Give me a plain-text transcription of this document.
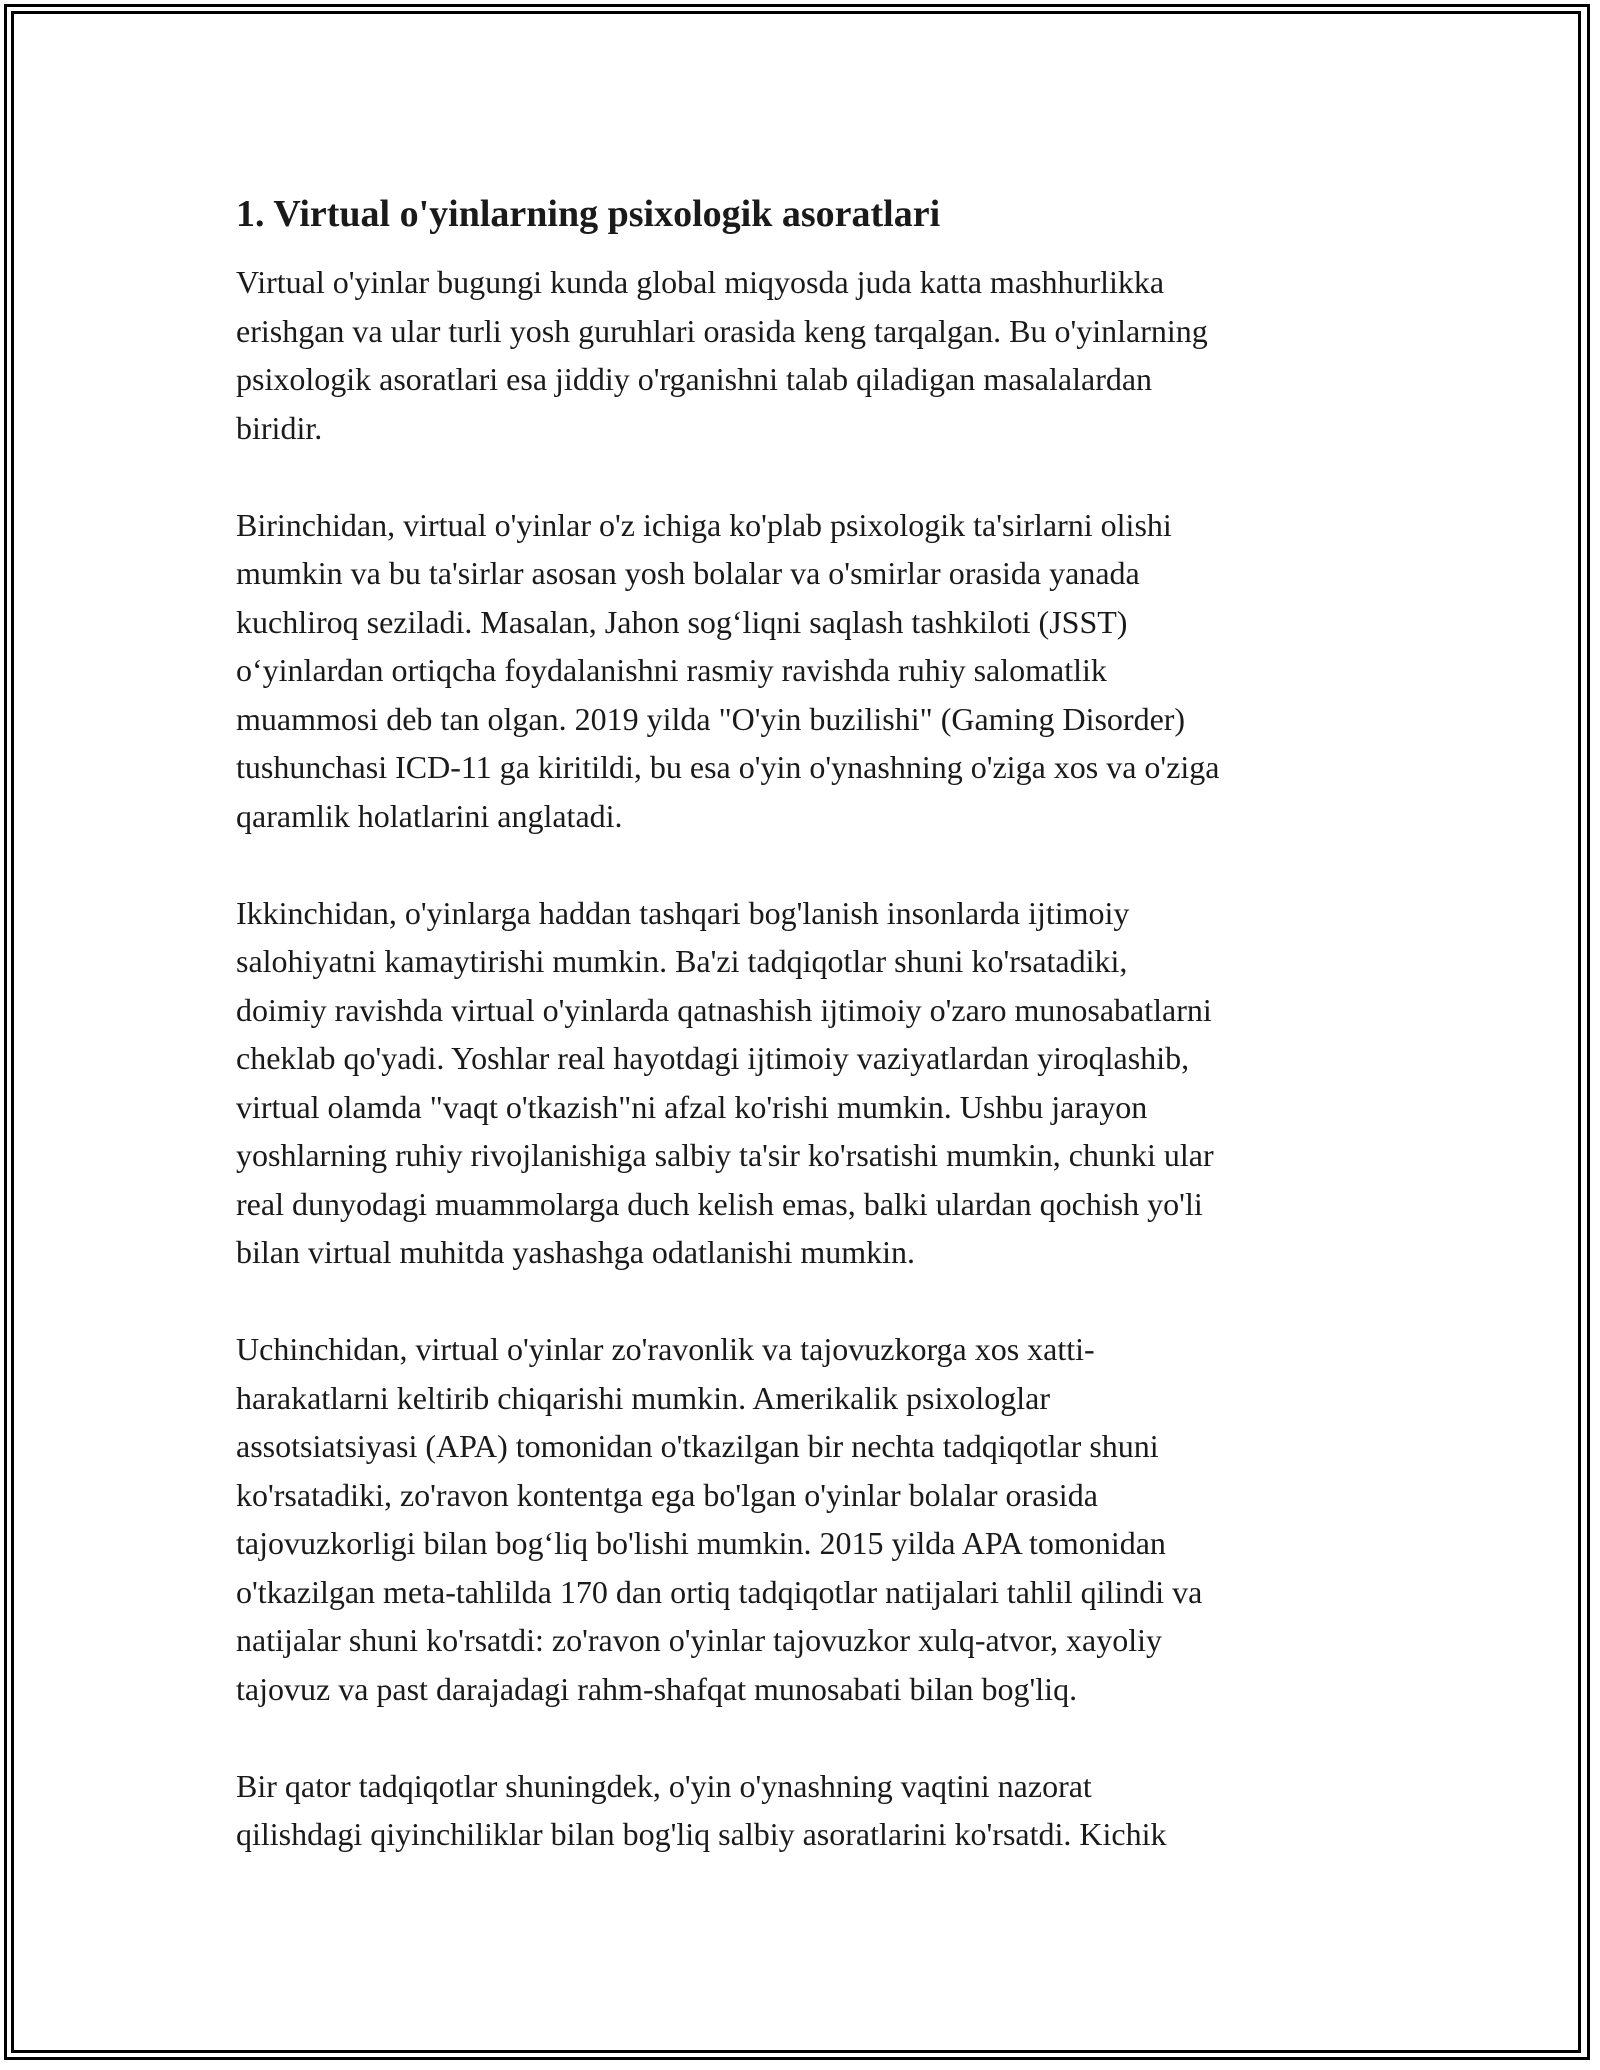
1. Virtual o'yinlarning psixologik asoratlari
Virtual o'yinlar bugungi kunda global miqyosda juda katta mashhurlikka
erishgan va ular turli yosh guruhlari orasida keng tarqalgan. Bu o'yinlarning
psixologik asoratlari esa jiddiy o'rganishni talab qiladigan masalalardan
biridir.
Birinchidan, virtual o'yinlar o'z ichiga ko'plab psixologik ta'sirlarni olishi
mumkin va bu ta'sirlar asosan yosh bolalar va o'smirlar orasida yanada
kuchliroq seziladi. Masalan, Jahon sog‘liqni saqlash tashkiloti (JSST)
o‘yinlardan ortiqcha foydalanishni rasmiy ravishda ruhiy salomatlik
muammosi deb tan olgan. 2019 yilda "O'yin buzilishi" (Gaming Disorder)
tushunchasi ICD-11 ga kiritildi, bu esa o'yin o'ynashning o'ziga xos va o'ziga
qaramlik holatlarini anglatadi.
Ikkinchidan, o'yinlarga haddan tashqari bog'lanish insonlarda ijtimoiy
salohiyatni kamaytirishi mumkin. Ba'zi tadqiqotlar shuni ko'rsatadiki,
doimiy ravishda virtual o'yinlarda qatnashish ijtimoiy o'zaro munosabatlarni
cheklab qo'yadi. Yoshlar real hayotdagi ijtimoiy vaziyatlardan yiroqlashib,
virtual olamda "vaqt o'tkazish"ni afzal ko'rishi mumkin. Ushbu jarayon
yoshlarning ruhiy rivojlanishiga salbiy ta'sir ko'rsatishi mumkin, chunki ular
real dunyodagi muammolarga duch kelish emas, balki ulardan qochish yo'li
bilan virtual muhitda yashashga odatlanishi mumkin.
Uchinchidan, virtual o'yinlar zo'ravonlik va tajovuzkorga xos xatti-
harakatlarni keltirib chiqarishi mumkin. Amerikalik psixologlar
assotsiatsiyasi (APA) tomonidan o'tkazilgan bir nechta tadqiqotlar shuni
ko'rsatadiki, zo'ravon kontentga ega bo'lgan o'yinlar bolalar orasida
tajovuzkorligi bilan bog‘liq bo'lishi mumkin. 2015 yilda APA tomonidan
o'tkazilgan meta-tahlilda 170 dan ortiq tadqiqotlar natijalari tahlil qilindi va
natijalar shuni ko'rsatdi: zo'ravon o'yinlar tajovuzkor xulq-atvor, xayoliy
tajovuz va past darajadagi rahm-shafqat munosabati bilan bog'liq.
Bir qator tadqiqotlar shuningdek, o'yin o'ynashning vaqtini nazorat
qilishdagi qiyinchiliklar bilan bog'liq salbiy asoratlarini ko'rsatdi. Kichik
